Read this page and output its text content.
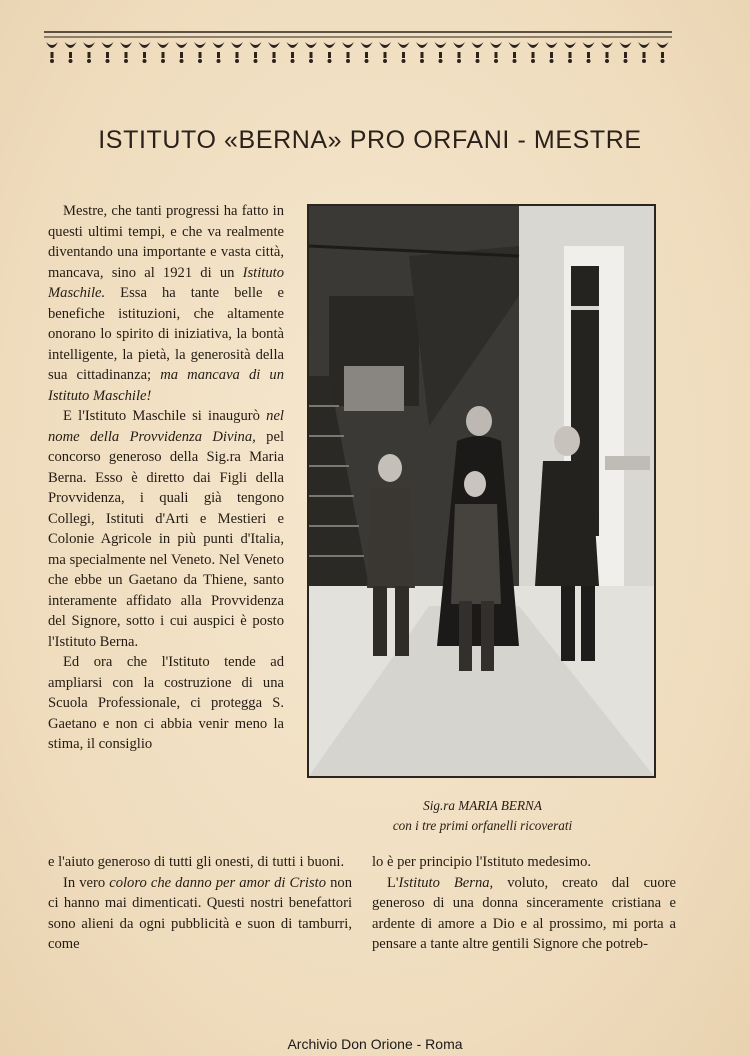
ISTITUTO «BERNA» PRO ORFANI - MESTRE

Mestre, che tanti progressi ha fatto in questi ultimi tempi, e che va realmente diventando una importante e vasta città, mancava, sino al 1921 di un Istituto Maschile. Essa ha tante belle e benefiche istituzioni, che altamente onorano lo spirito di iniziativa, la bontà intelligente, la pietà, la generosità della sua cittadinanza; ma mancava di un Istituto Maschile!

E l'Istituto Maschile si inaugurò nel nome della Provvidenza Divina, pel concorso generoso della Sig.ra Maria Berna. Esso è diretto dai Figli della Provvidenza, i quali già tengono Collegi, Istituti d'Arti e Mestieri e Colonie Agricole in più punti d'Italia, ma specialmente nel Veneto. Nel Veneto che ebbe un Gaetano da Thiene, santo interamente affidato alla Provvidenza del Signore, sotto i cui auspici è posto l'Istituto Berna.

Ed ora che l'Istituto tende ad ampliarsi con la costruzione di una Scuola Professionale, ci protegga S. Gaetano e non ci abbia venir meno la stima, il consiglio

Sig.ra MARIA BERNA
con i tre primi orfanelli ricoverati

e l'aiuto generoso di tutti gli onesti, di tutti i buoni.

In vero coloro che danno per amor di Cristo non ci hanno mai dimenticati. Questi nostri benefattori sono alieni da ogni pubblicità e suon di tamburri, come

lo è per principio l'Istituto medesimo.

L'Istituto Berna, voluto, creato dal cuore generoso di una donna sinceramente cristiana e ardente di amore a Dio e al prossimo, mi porta a pensare a tante altre gentili Signore che potreb-

Archivio Don Orione - Roma
